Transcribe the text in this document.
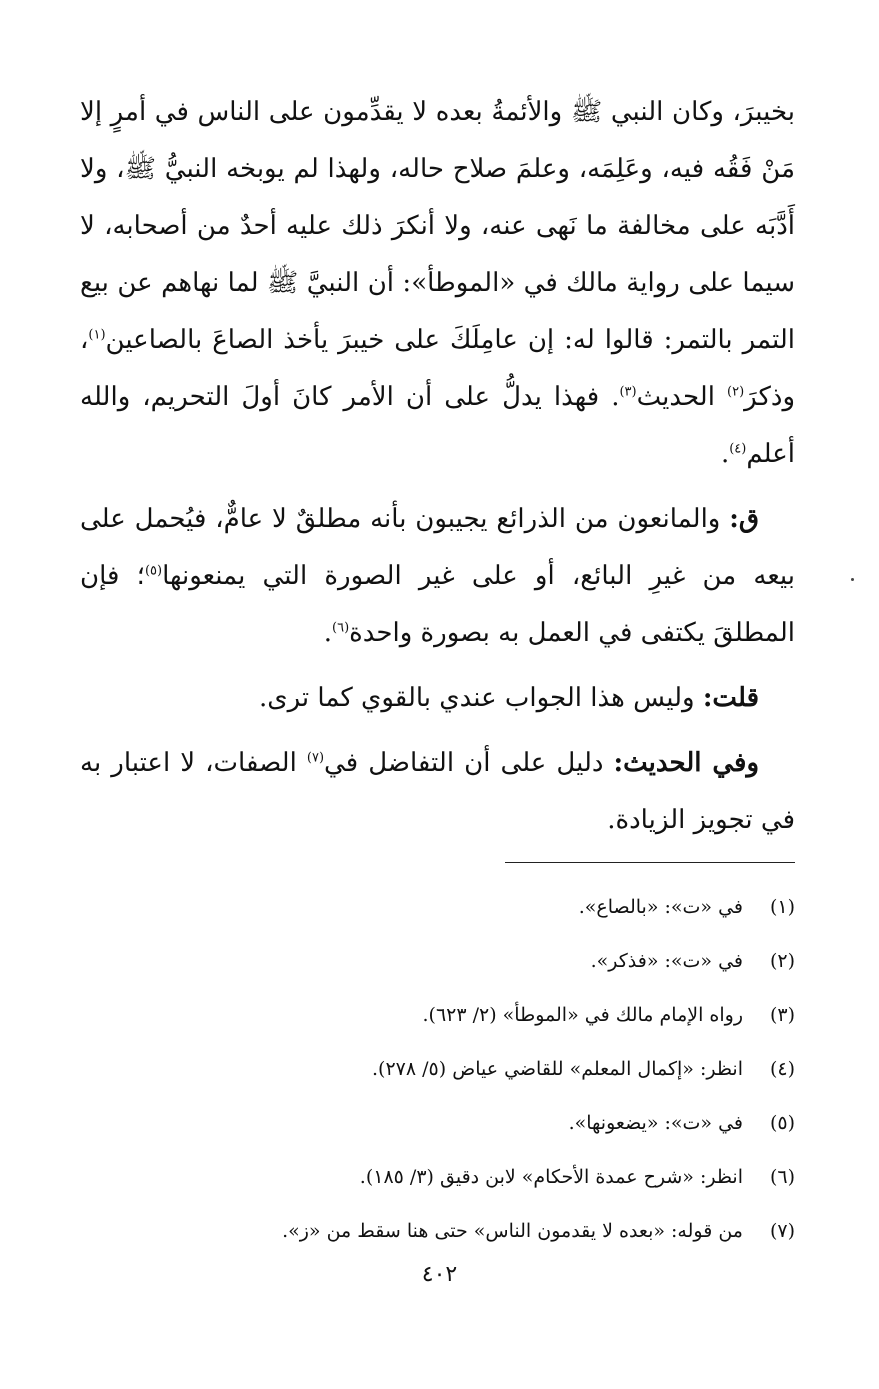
بخيبرَ، وكان النبي ﷺ والأئمةُ بعده لا يقدِّمون على الناس في أمرٍ إلا مَنْ فَقُه فيه، وعَلِمَه، وعلمَ صلاح حاله، ولهذا لم يوبخه النبيُّ ﷺ، ولا أَدَّبَه على مخالفة ما نَهى عنه، ولا أنكرَ ذلك عليه أحدٌ من أصحابه، لا سيما على رواية مالك في «الموطأ»: أن النبيَّ ﷺ لما نهاهم عن بيع التمر بالتمر: قالوا له: إن عامِلَكَ على خيبرَ يأخذ الصاعَ بالصاعين$^{(١)}$، وذكرَ$^{(٢)}$ الحديث$^{(٣)}$. فهذا يدلُّ على أن الأمر كانَ أولَ التحريم، والله أعلم$^{(٤)}$.

ق: والمانعون من الذرائع يجيبون بأنه مطلقٌ لا عامٌّ، فيُحمل على بيعه من غيرِ البائع، أو على غير الصورة التي يمنعونها$^{(٥)}$؛ فإن المطلقَ يكتفى في العمل به بصورة واحدة$^{(٦)}$.

قلت: وليس هذا الجواب عندي بالقوي كما ترى.

وفي الحديث: دليل على أن التفاضل في$^{(٧)}$ الصفات، لا اعتبار به في تجويز الزيادة.

(١)
في «ت»: «بالصاع».
(٢)
في «ت»: «فذكر».
(٣)
رواه الإمام مالك في «الموطأ» (٢/ ٦٢٣).
(٤)
انظر: «إكمال المعلم» للقاضي عياض (٥/ ٢٧٨).
(٥)
في «ت»: «يضعونها».
(٦)
انظر: «شرح عمدة الأحكام» لابن دقيق (٣/ ١٨٥).
(٧)
من قوله: «بعده لا يقدمون الناس» حتى هنا سقط من «ز».
٤٠٢
